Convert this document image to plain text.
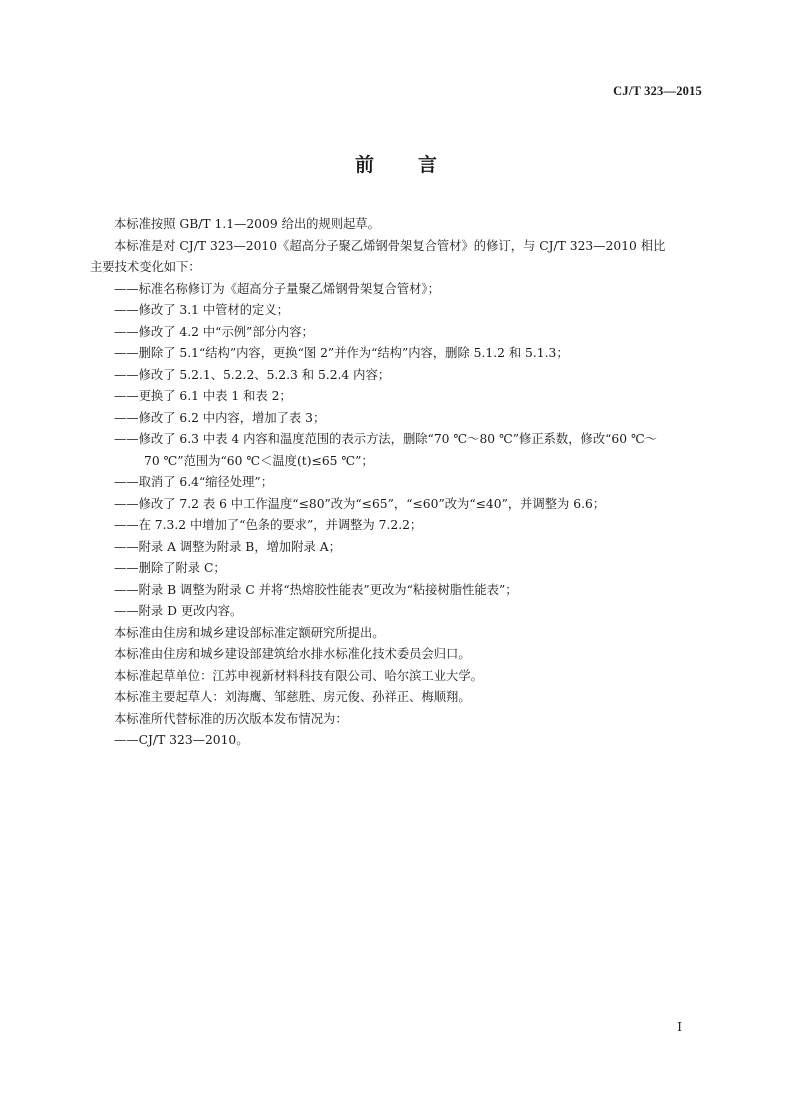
CJ/T 323—2015
前言

本标准按照 GB/T 1.1—2009 给出的规则起草。

本标准是对 CJ/T 323—2010《超高分子聚乙烯钢骨架复合管材》的修订，与 CJ/T 323—2010 相比

主要技术变化如下：

——标准名称修订为《超高分子量聚乙烯钢骨架复合管材》；

——修改了 3.1 中管材的定义；

——修改了 4.2 中“示例”部分内容；

——删除了 5.1“结构”内容，更换“图 2”并作为“结构”内容，删除 5.1.2 和 5.1.3；

——修改了 5.2.1、5.2.2、5.2.3 和 5.2.4 内容；

——更换了 6.1 中表 1 和表 2；

——修改了 6.2 中内容，增加了表 3；

——修改了 6.3 中表 4 内容和温度范围的表示方法，删除“70 ℃～80 ℃”修正系数，修改“60 ℃～

70 ℃”范围为“60 ℃＜温度(t)≤65 ℃”；

——取消了 6.4“缩径处理”；

——修改了 7.2 表 6 中工作温度“≤80”改为“≤65”，“≤60”改为“≤40”，并调整为 6.6；

——在 7.3.2 中增加了“色条的要求”，并调整为 7.2.2；

——附录 A 调整为附录 B，增加附录 A；

——删除了附录 C；

——附录 B 调整为附录 C 并将“热熔胶性能表”更改为“粘接树脂性能表”；

——附录 D 更改内容。

本标准由住房和城乡建设部标准定额研究所提出。

本标准由住房和城乡建设部建筑给水排水标准化技术委员会归口。

本标准起草单位：江苏申视新材料科技有限公司、哈尔滨工业大学。

本标准主要起草人：刘海鹰、邹慈胜、房元俊、孙祥正、梅顺翔。

本标准所代替标准的历次版本发布情况为：

——CJ/T 323—2010。

I
